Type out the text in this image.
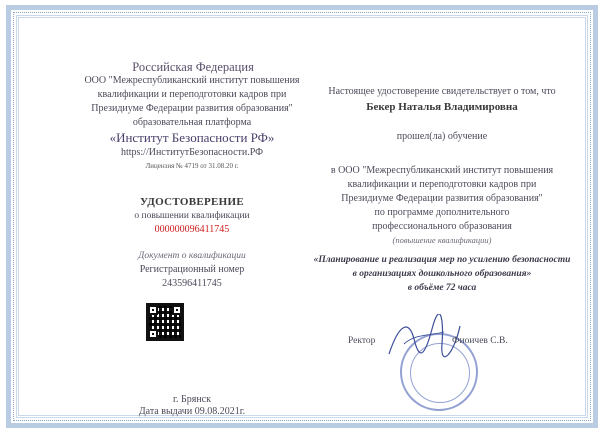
Российская Федерация
ООО "Межреспубликанский институт повышения
квалификации и переподготовки кадров при
Президиуме Федерации развития образования"
образовательная платформа
«Институт Безопасности РФ»
https://ИнститутБезопасности.РФ
Лицензия № 4719 от 31.08.20 г.
УДОСТОВЕРЕНИЕ
о повышении квалификации
000000096411745
Документ о квалификации
Регистрационный номер
243596411745
г. Брянск
Дата выдачи 09.08.2021г.
Настоящее удостоверение свидетельствует о том, что
Бекер Наталья Владимировна
прошел(ла) обучение
в ООО "Межреспубликанский институт повышения
квалификации и переподготовки кадров при
Президиуме Федерации развития образования"
по программе дополнительного
профессионального образования
(повышение квалификации)
«Планирование и реализация мер по усилению безопасности
в организациях дошкольного образования»
в объёме 72 часа
Ректор	Фиоичев С.В.
